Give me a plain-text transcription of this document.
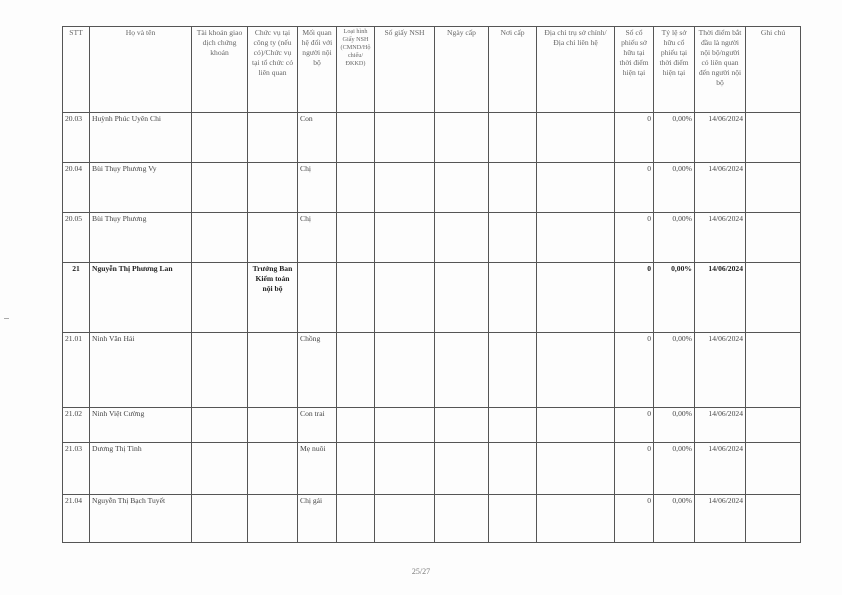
STT	Họ và tên	Tài khoản giao dịch chứng khoán	Chức vụ tại công ty (nếu có)/Chức vụ tại tổ chức có liên quan	Mối quan hệ đối với người nội bộ	Loại hình Giấy NSH (CMND/Hộ chiếu/ĐKKD)	Số giấy NSH	Ngày cấp	Nơi cấp	Địa chỉ trụ sở chính/Địa chỉ liên hệ	Số cổ phiếu sở hữu tại thời điểm hiện tại	Tỷ lệ sở hữu cổ phiếu tại thời điểm hiện tại	Thời điểm bắt đầu là người nội bộ/người có liên quan đến người nội bộ	Ghi chú
20.03	Huỳnh Phúc Uyên Chi			Con						0	0,00%	14/06/2024	
20.04	Bùi Thụy Phương Vy			Chị						0	0,00%	14/06/2024	
20.05	Bùi Thụy Phương			Chị						0	0,00%	14/06/2024	
21	Nguyễn Thị Phương Lan		Trưởng Ban Kiểm toán nội bộ							0	0,00%	14/06/2024	
21.01	Ninh Văn Hải			Chồng						0	0,00%	14/06/2024	
21.02	Ninh Việt Cường			Con trai						0	0,00%	14/06/2024	
21.03	Dương Thị Tình			Mẹ nuôi						0	0,00%	14/06/2024	
21.04	Nguyễn Thị Bạch Tuyết			Chị gái						0	0,00%	14/06/2024	
25/27
